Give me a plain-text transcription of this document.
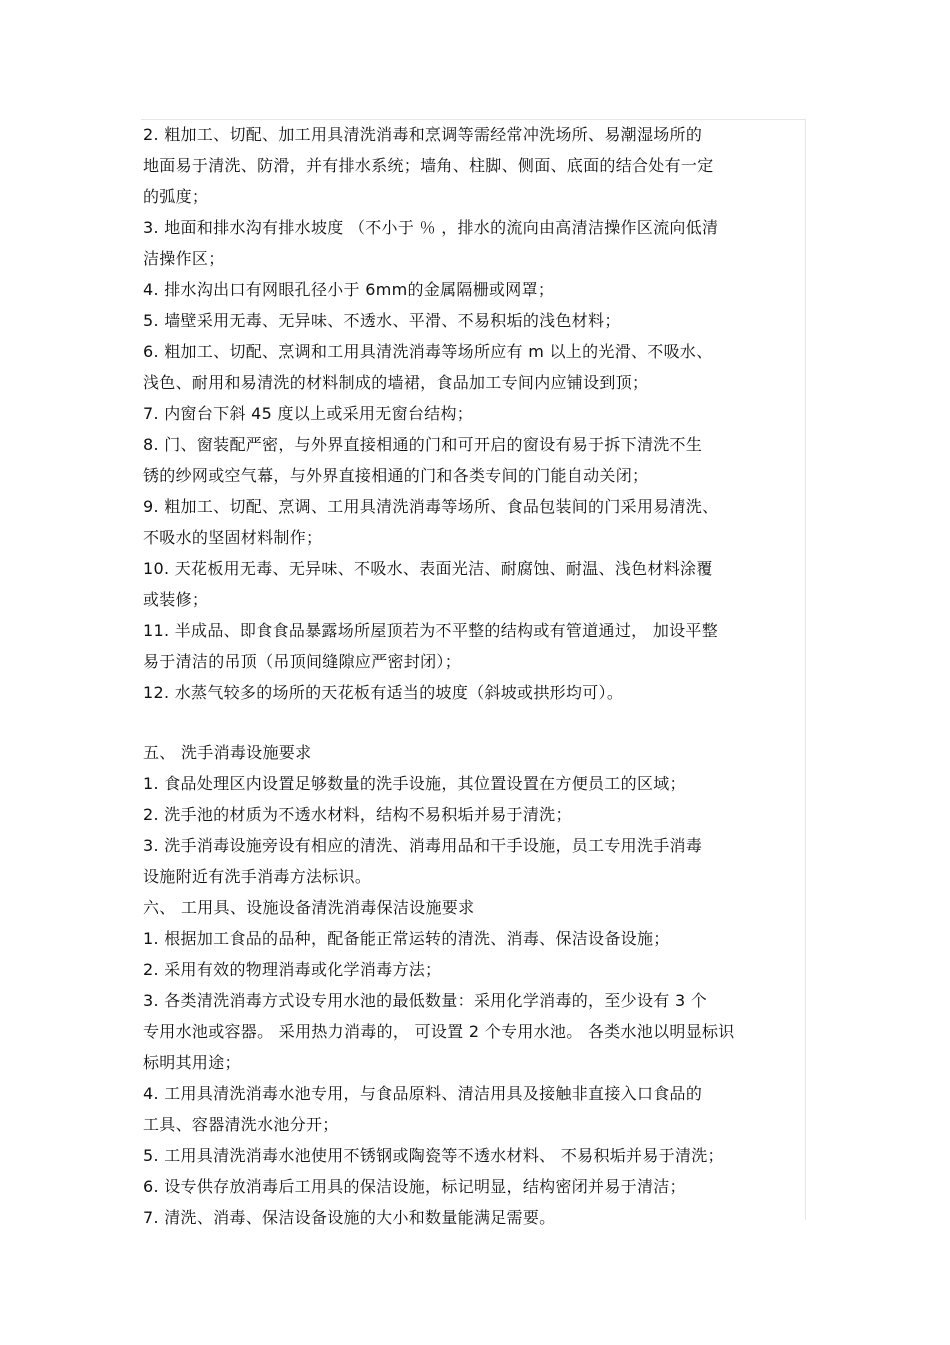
2. 粗加工、切配、加工用具清洗消毒和烹调等需经常冲洗场所、易潮湿场所的
地面易于清洗、防滑，并有排水系统；墙角、柱脚、侧面、底面的结合处有一定
的弧度；
3. 地面和排水沟有排水坡度 （不小于 ％ ，排水的流向由高清洁操作区流向低清
洁操作区；
4. 排水沟出口有网眼孔径小于 6mm的金属隔栅或网罩；
5. 墙壁采用无毒、无异味、不透水、平滑、不易积垢的浅色材料；
6. 粗加工、切配、烹调和工用具清洗消毒等场所应有 m 以上的光滑、不吸水、
浅色、耐用和易清洗的材料制成的墙裙，食品加工专间内应铺设到顶；
7. 内窗台下斜 45 度以上或采用无窗台结构；
8. 门、窗装配严密，与外界直接相通的门和可开启的窗设有易于拆下清洗不生
锈的纱网或空气幕，与外界直接相通的门和各类专间的门能自动关闭；
9. 粗加工、切配、烹调、工用具清洗消毒等场所、食品包装间的门采用易清洗、
不吸水的坚固材料制作；
10. 天花板用无毒、无异味、不吸水、表面光洁、耐腐蚀、耐温、浅色材料涂覆
或装修；
11. 半成品、即食食品暴露场所屋顶若为不平整的结构或有管道通过， 加设平整
易于清洁的吊顶（吊顶间缝隙应严密封闭）；
12. 水蒸气较多的场所的天花板有适当的坡度（斜坡或拱形均可）。
五、 洗手消毒设施要求
1. 食品处理区内设置足够数量的洗手设施，其位置设置在方便员工的区域；
2. 洗手池的材质为不透水材料，结构不易积垢并易于清洗；
3. 洗手消毒设施旁设有相应的清洗、消毒用品和干手设施，员工专用洗手消毒
设施附近有洗手消毒方法标识。
六、 工用具、设施设备清洗消毒保洁设施要求
1. 根据加工食品的品种，配备能正常运转的清洗、消毒、保洁设备设施；
2. 采用有效的物理消毒或化学消毒方法；
3. 各类清洗消毒方式设专用水池的最低数量：采用化学消毒的，至少设有 3 个
专用水池或容器。 采用热力消毒的， 可设置 2 个专用水池。 各类水池以明显标识
标明其用途；
4. 工用具清洗消毒水池专用，与食品原料、清洁用具及接触非直接入口食品的
工具、容器清洗水池分开；
5. 工用具清洗消毒水池使用不锈钢或陶瓷等不透水材料、 不易积垢并易于清洗；
6. 设专供存放消毒后工用具的保洁设施，标记明显，结构密闭并易于清洁；
7. 清洗、消毒、保洁设备设施的大小和数量能满足需要。
